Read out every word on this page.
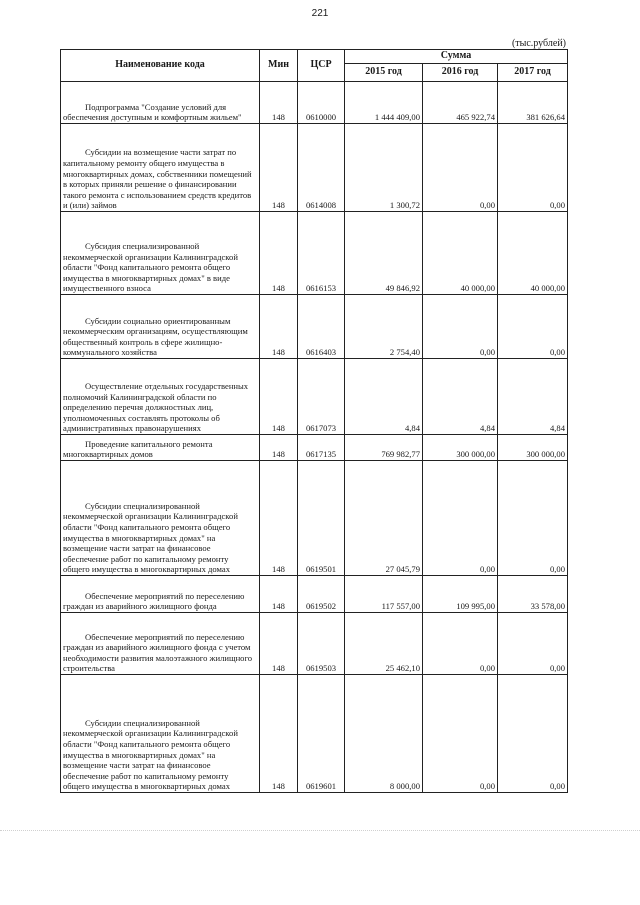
221
(тыс.рублей)
Наименование кода	Мин	ЦСР	Сумма		
			2015 год	2016 год	2017 год

Подпрограмма "Создание условий для обеспечения доступным и комфортным жильем"	148	0610000	1 444 409,00	465 922,74	381 626,64

Субсидии на возмещение части затрат по капитальному ремонту общего имущества в многоквартирных домах, собственники помещений в которых приняли решение о финансировании такого ремонта с использованием средств кредитов и (или) займов	148	0614008	1 300,72	0,00	0,00

Субсидия специализированной некоммерческой организации Калининградской области "Фонд капитального ремонта общего имущества в многоквартирных домах" в виде имущественного взноса	148	0616153	49 846,92	40 000,00	40 000,00

Субсидии социально ориентированным некоммерческим организациям, осуществляющим общественный контроль в сфере жилищно-коммунального хозяйства	148	0616403	2 754,40	0,00	0,00

Осуществление отдельных государственных полномочий Калининградской области по определению перечня должностных лиц, уполномоченных составлять протоколы об административных правонарушениях	148	0617073	4,84	4,84	4,84

Проведение капитального ремонта многоквартирных домов	148	0617135	769 982,77	300 000,00	300 000,00

Субсидии специализированной некоммерческой организации Калининградской области "Фонд капитального ремонта общего имущества в многоквартирных домах" на возмещение части затрат на финансовое обеспечение работ по капитальному ремонту общего имущества в многоквартирных домах	148	0619501	27 045,79	0,00	0,00

Обеспечение мероприятий по переселению граждан из аварийного жилищного фонда	148	0619502	117 557,00	109 995,00	33 578,00

Обеспечение мероприятий по переселению граждан из аварийного жилищного фонда с учетом необходимости развития малоэтажного жилищного строительства	148	0619503	25 462,10	0,00	0,00

Субсидии специализированной некоммерческой организации Калининградской области "Фонд капитального ремонта общего имущества в многоквартирных домах" на возмещение части затрат на финансовое обеспечение работ по капитальному ремонту общего имущества в многоквартирных домах	148	0619601	8 000,00	0,00	0,00
